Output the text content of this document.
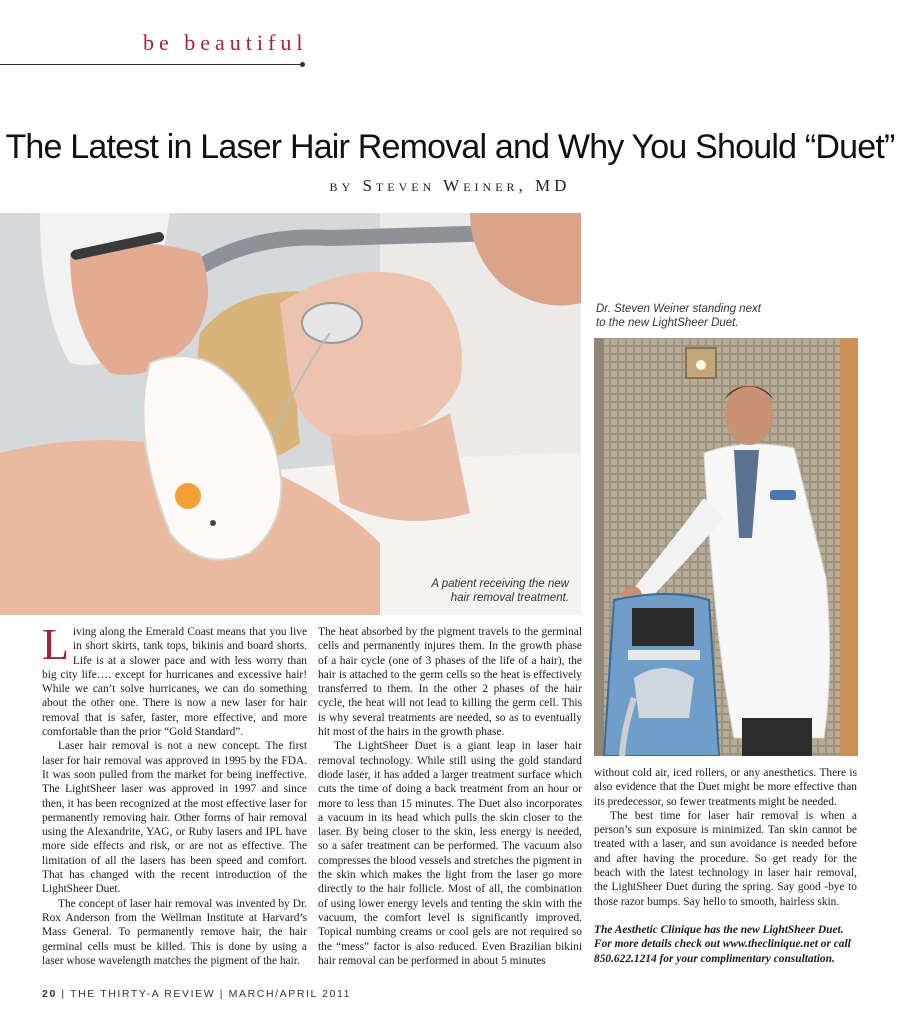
be beautiful
The Latest in Laser Hair Removal and Why You Should “Duet”
by Steven Weiner, MD
A patient receiving the new
hair removal treatment.
Dr. Steven Weiner standing next
to the new LightSheer Duet.

Living along the Emerald Coast means that you live in short skirts, tank tops, bikinis and board shorts. Life is at a slower pace and with less worry than big city life…. except for hurricanes and excessive hair! While we can’t solve hurricanes, we can do something about the other one. There is now a new laser for hair removal that is safer, faster, more effective, and more comfortable than the prior “Gold Standard”.

Laser hair removal is not a new concept. The first laser for hair removal was approved in 1995 by the FDA. It was soon pulled from the market for being ineffective. The LightSheer laser was approved in 1997 and since then, it has been recognized at the most effective laser for permanently removing hair. Other forms of hair removal using the Alexandrite, YAG, or Ruby lasers and IPL have more side effects and risk, or are not as effective. The limitation of all the lasers has been speed and comfort. That has changed with the recent introduction of the LightSheer Duet.

The concept of laser hair removal was invented by Dr. Rox Anderson from the Wellman Institute at Harvard’s Mass General. To permanently remove hair, the hair germinal cells must be killed. This is done by using a laser whose wavelength matches the pigment of the hair.

The heat absorbed by the pigment travels to the germinal cells and permanently injures them. In the growth phase of a hair cycle (one of 3 phases of the life of a hair), the hair is attached to the germ cells so the heat is effectively transferred to them. In the other 2 phases of the hair cycle, the heat will not lead to killing the germ cell. This is why several treatments are needed, so as to eventually hit most of the hairs in the growth phase.

The LightSheer Duet is a giant leap in laser hair removal technology. While still using the gold standard diode laser, it has added a larger treatment surface which cuts the time of doing a back treatment from an hour or more to less than 15 minutes. The Duet also incorporates a vacuum in its head which pulls the skin closer to the laser. By being closer to the skin, less energy is needed, so a safer treatment can be performed. The vacuum also compresses the blood vessels and stretches the pigment in the skin which makes the light from the laser go more directly to the hair follicle. Most of all, the combination of using lower energy levels and tenting the skin with the vacuum, the comfort level is significantly improved. Topical numbing creams or cool gels are not required so the “mess” factor is also reduced. Even Brazilian bikini hair removal can be performed in about 5 minutes

without cold air, iced rollers, or any anesthetics. There is also evidence that the Duet might be more effective than its predecessor, so fewer treatments might be needed.

The best time for laser hair removal is when a person’s sun exposure is minimized. Tan skin cannot be treated with a laser, and sun avoidance is needed before and after having the procedure. So get ready for the beach with the latest technology in laser hair removal, the LightSheer Duet during the spring. Say good -bye to those razor bumps. Say hello to smooth, hairless skin.

The Aesthetic Clinique has the new LightSheer Duet. For more details check out www.theclinique.net or call 850.622.1214 for your complimentary consultation.

20 | THE THIRTY-A REVIEW | MARCH/APRIL 2011
